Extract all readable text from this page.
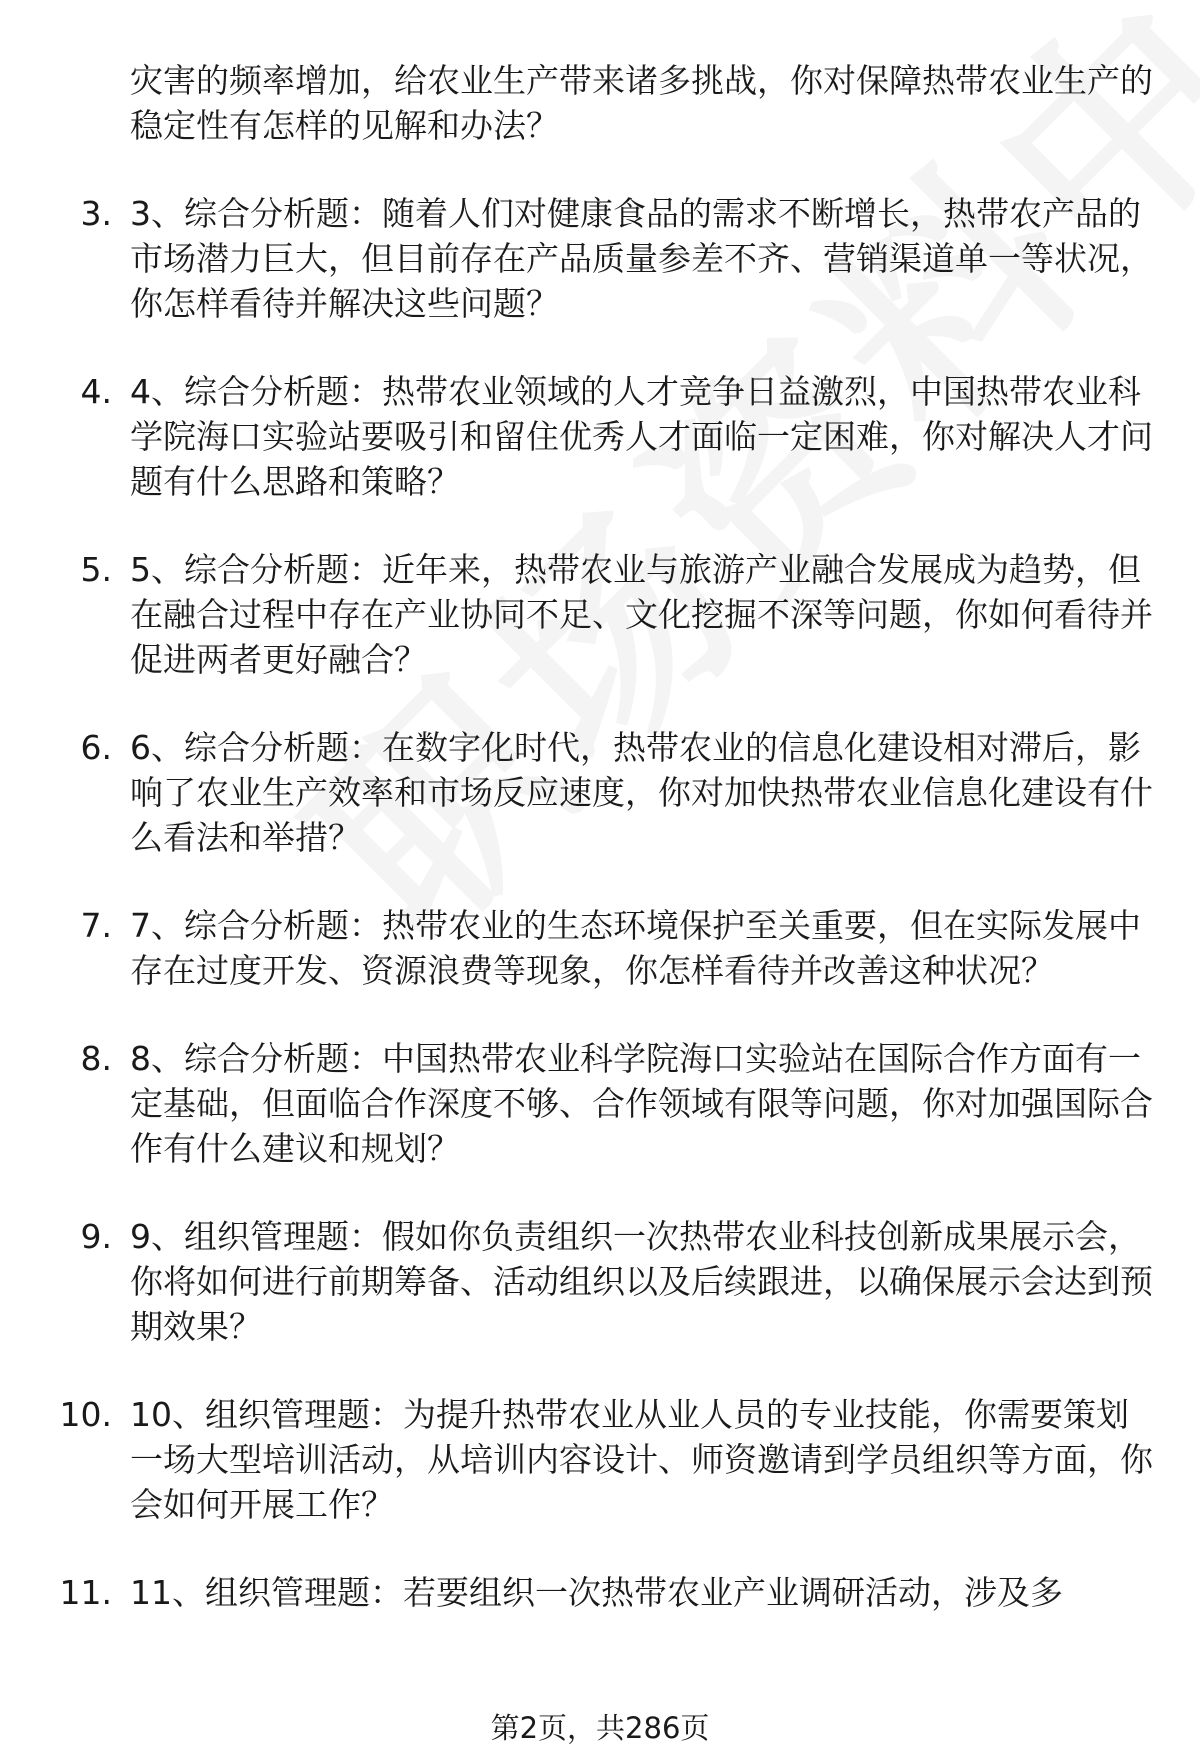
灾害的频率增加，给农业生产带来诸多挑战，你对保障热带农业生产的稳定性有怎样的见解和办法？
3. 3、综合分析题：随着人们对健康食品的需求不断增长，热带农产品的市场潜力巨大，但目前存在产品质量参差不齐、营销渠道单一等状况，你怎样看待并解决这些问题？
4. 4、综合分析题：热带农业领域的人才竞争日益激烈，中国热带农业科学院海口实验站要吸引和留住优秀人才面临一定困难，你对解决人才问题有什么思路和策略？
5. 5、综合分析题：近年来，热带农业与旅游产业融合发展成为趋势，但在融合过程中存在产业协同不足、文化挖掘不深等问题，你如何看待并促进两者更好融合？
6. 6、综合分析题：在数字化时代，热带农业的信息化建设相对滞后，影响了农业生产效率和市场反应速度，你对加快热带农业信息化建设有什么看法和举措？
7. 7、综合分析题：热带农业的生态环境保护至关重要，但在实际发展中存在过度开发、资源浪费等现象，你怎样看待并改善这种状况？
8. 8、综合分析题：中国热带农业科学院海口实验站在国际合作方面有一定基础，但面临合作深度不够、合作领域有限等问题，你对加强国际合作有什么建议和规划？
9. 9、组织管理题：假如你负责组织一次热带农业科技创新成果展示会，你将如何进行前期筹备、活动组织以及后续跟进，以确保展示会达到预期效果？
10. 10、组织管理题：为提升热带农业从业人员的专业技能，你需要策划一场大型培训活动，从培训内容设计、师资邀请到学员组织等方面，你会如何开展工作？
11. 11、组织管理题：若要组织一次热带农业产业调研活动，涉及多
第2页，共286页
